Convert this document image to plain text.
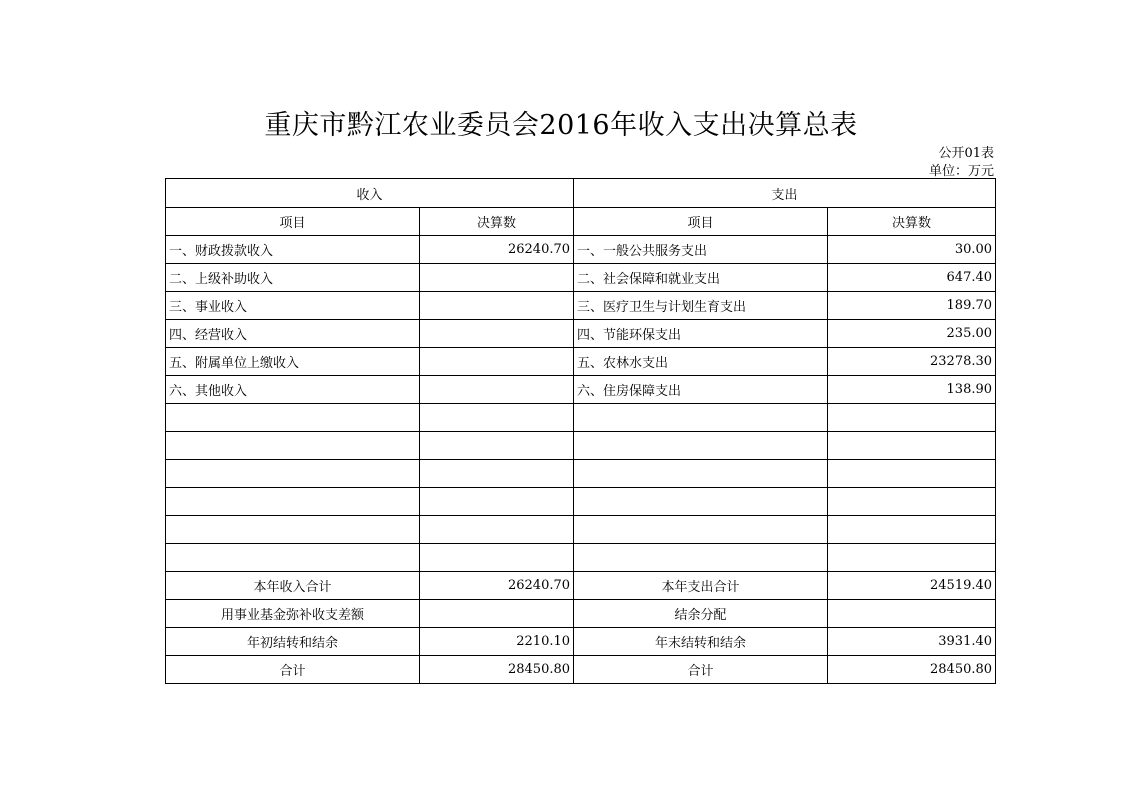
重庆市黔江农业委员会2016年收入支出决算总表
公开01表
单位：万元
收入		支出	
项目	决算数	项目	决算数
一、财政拨款收入	26240.70	一、一般公共服务支出	30.00
二、上级补助收入		二、社会保障和就业支出	647.40
三、事业收入		三、医疗卫生与计划生育支出	189.70
四、经营收入		四、节能环保支出	235.00
五、附属单位上缴收入		五、农林水支出	23278.30
六、其他收入		六、住房保障支出	138.90

本年收入合计	26240.70	本年支出合计	24519.40
用事业基金弥补收支差额		结余分配	
年初结转和结余	2210.10	年末结转和结余	3931.40
合计	28450.80	合计	28450.80
